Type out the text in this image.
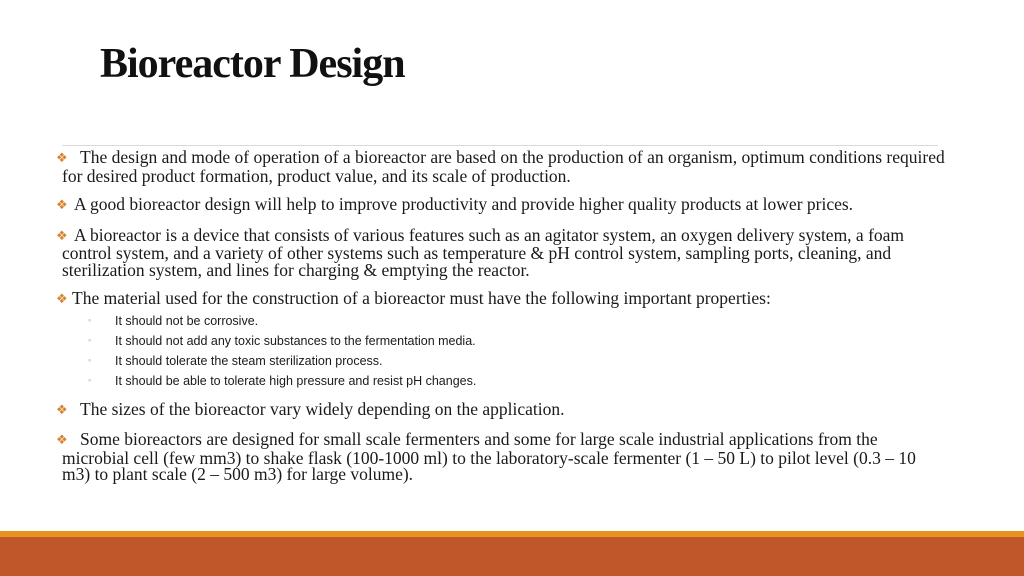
Bioreactor Design

❖ The design and mode of operation of a bioreactor are based on the production of an organism, optimum conditions required for desired product formation, product value, and its scale of production.

❖ A good bioreactor design will help to improve productivity and provide higher quality products at lower prices.

❖ A bioreactor is a device that consists of various features such as an agitator system, an oxygen delivery system, a foam control system, and a variety of other systems such as temperature & pH control system, sampling ports, cleaning, and sterilization system, and lines for charging & emptying the reactor.

❖ The material used for the construction of a bioreactor must have the following important properties:

◦ It should not be corrosive.
◦ It should not add any toxic substances to the fermentation media.
◦ It should tolerate the steam sterilization process.
◦ It should be able to tolerate high pressure and resist pH changes.

❖ The sizes of the bioreactor vary widely depending on the application.

❖ Some bioreactors are designed for small scale fermenters and some for large scale industrial applications from the microbial cell (few mm3) to shake flask (100-1000 ml) to the laboratory-scale fermenter (1 – 50 L) to pilot level (0.3 – 10 m3) to plant scale (2 – 500 m3) for large volume).
